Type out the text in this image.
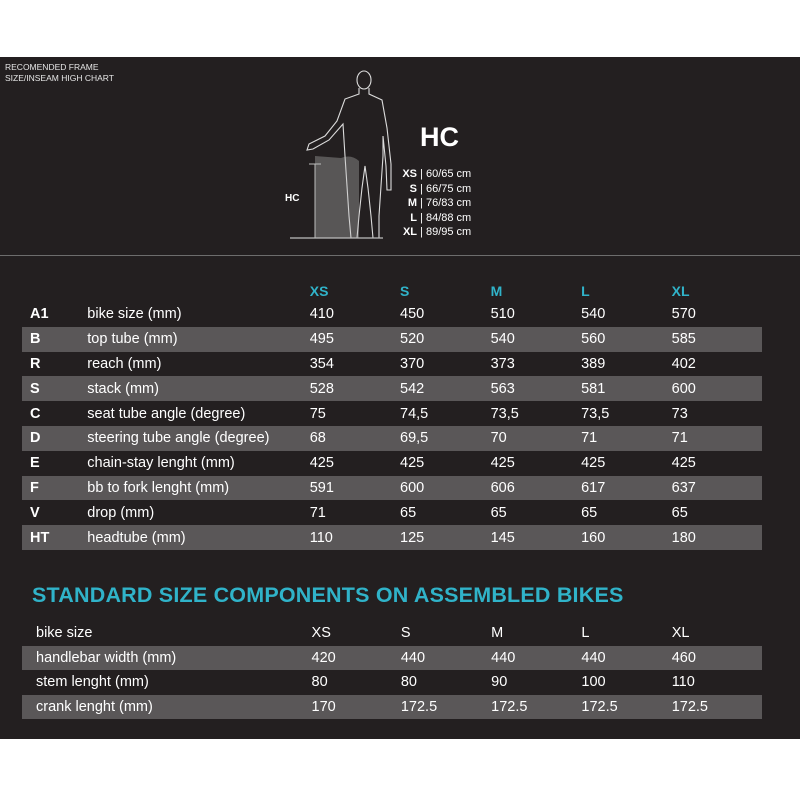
RECOMENDED FRAME
SIZE/INSEAM HIGH CHART
HC
HC
XS | 60/65 cm
S | 66/75 cm
M | 76/83 cm
L | 84/88 cm
XL | 89/95 cm
		XS	S	M	L	XL
A1	bike size (mm)	410	450	510	540	570
B	top tube (mm)	495	520	540	560	585
R	reach (mm)	354	370	373	389	402
S	stack (mm)	528	542	563	581	600
C	seat tube angle (degree)	75	74,5	73,5	73,5	73
D	steering tube angle (degree)	68	69,5	70	71	71
E	chain-stay lenght (mm)	425	425	425	425	425
F	bb to fork lenght (mm)	591	600	606	617	637
V	drop (mm)	71	65	65	65	65
HT	headtube (mm)	110	125	145	160	180
STANDARD SIZE COMPONENTS ON ASSEMBLED BIKES
bike size	XS	S	M	L	XL
handlebar width (mm)	420	440	440	440	460
stem lenght (mm)	80	80	90	100	110
crank lenght (mm)	170	172.5	172.5	172.5	172.5
